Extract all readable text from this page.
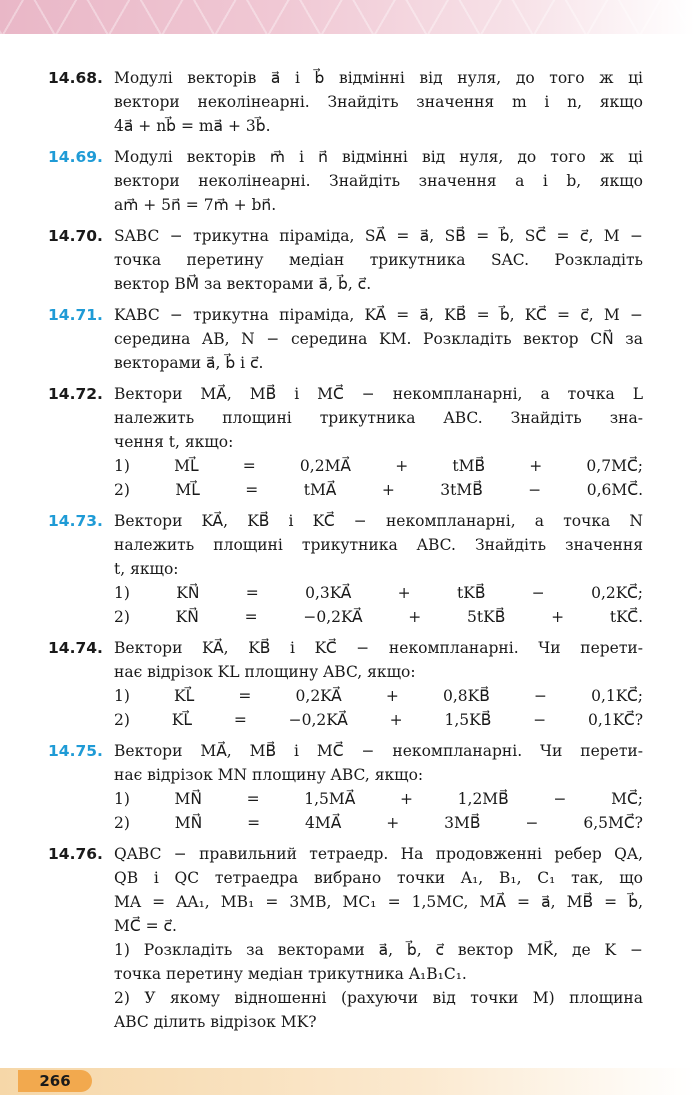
14.68. Модулі векторів a⃗ і b⃗ відмінні від нуля, до того ж ці

вектори неколінеарні. Знайдіть значення m і n, якщо

4a⃗ + nb⃗ = ma⃗ + 3b⃗.

14.69. Модулі векторів m⃗ і n⃗ відмінні від нуля, до того ж ці

вектори неколінеарні. Знайдіть значення a і b, якщо

am⃗ + 5n⃗ = 7m⃗ + bn⃗.

14.70. SABC − трикутна піраміда, SA⃗ = a⃗, SB⃗ = b⃗, SC⃗ = c⃗, M −

точка перетину медіан трикутника SAC. Розкладіть

вектор BM⃗ за векторами a⃗, b⃗, c⃗.

14.71. KABC − трикутна піраміда, KA⃗ = a⃗, KB⃗ = b⃗, KC⃗ = c⃗, M −

середина AB, N − середина KM. Розкладіть вектор CN⃗ за

векторами a⃗, b⃗ і c⃗.

14.72. Вектори MA⃗, MB⃗ і MC⃗ − некомпланарні, а точка L

належить площині трикутника ABC. Знайдіть зна-

чення t, якщо:

1) ML⃗ = 0,2MA⃗ + tMB⃗ + 0,7MC⃗;

2) ML⃗ = tMA⃗ + 3tMB⃗ − 0,6MC⃗.

14.73. Вектори KA⃗, KB⃗ і KC⃗ − некомпланарні, а точка N

належить площині трикутника ABC. Знайдіть значення

t, якщо:

1) KN⃗ = 0,3KA⃗ + tKB⃗ − 0,2KC⃗;

2) KN⃗ = −0,2KA⃗ + 5tKB⃗ + tKC⃗.

14.74. Вектори KA⃗, KB⃗ і KC⃗ − некомпланарні. Чи перети-

нає відрізок KL площину ABC, якщо:

1) KL⃗ = 0,2KA⃗ + 0,8KB⃗ − 0,1KC⃗;

2) KL⃗ = −0,2KA⃗ + 1,5KB⃗ − 0,1KC⃗?

14.75. Вектори MA⃗, MB⃗ і MC⃗ − некомпланарні. Чи перети-

нає відрізок MN площину ABC, якщо:

1) MN⃗ = 1,5MA⃗ + 1,2MB⃗ − MC⃗;

2) MN⃗ = 4MA⃗ + 3MB⃗ − 6,5MC⃗?

14.76. QABC − правильний тетраедр. На продовженні ребер QA,

QB і QC тетраедра вибрано точки A₁, B₁, C₁ так, що

MA = AA₁, MB₁ = 3MB, MC₁ = 1,5MC, MA⃗ = a⃗, MB⃗ = b⃗,

MC⃗ = c⃗.

1) Розкладіть за векторами a⃗, b⃗, c⃗ вектор MK⃗, де K −

точка перетину медіан трикутника A₁B₁C₁.

2) У якому відношенні (рахуючи від точки M) площина

ABC ділить відрізок MK?

266
